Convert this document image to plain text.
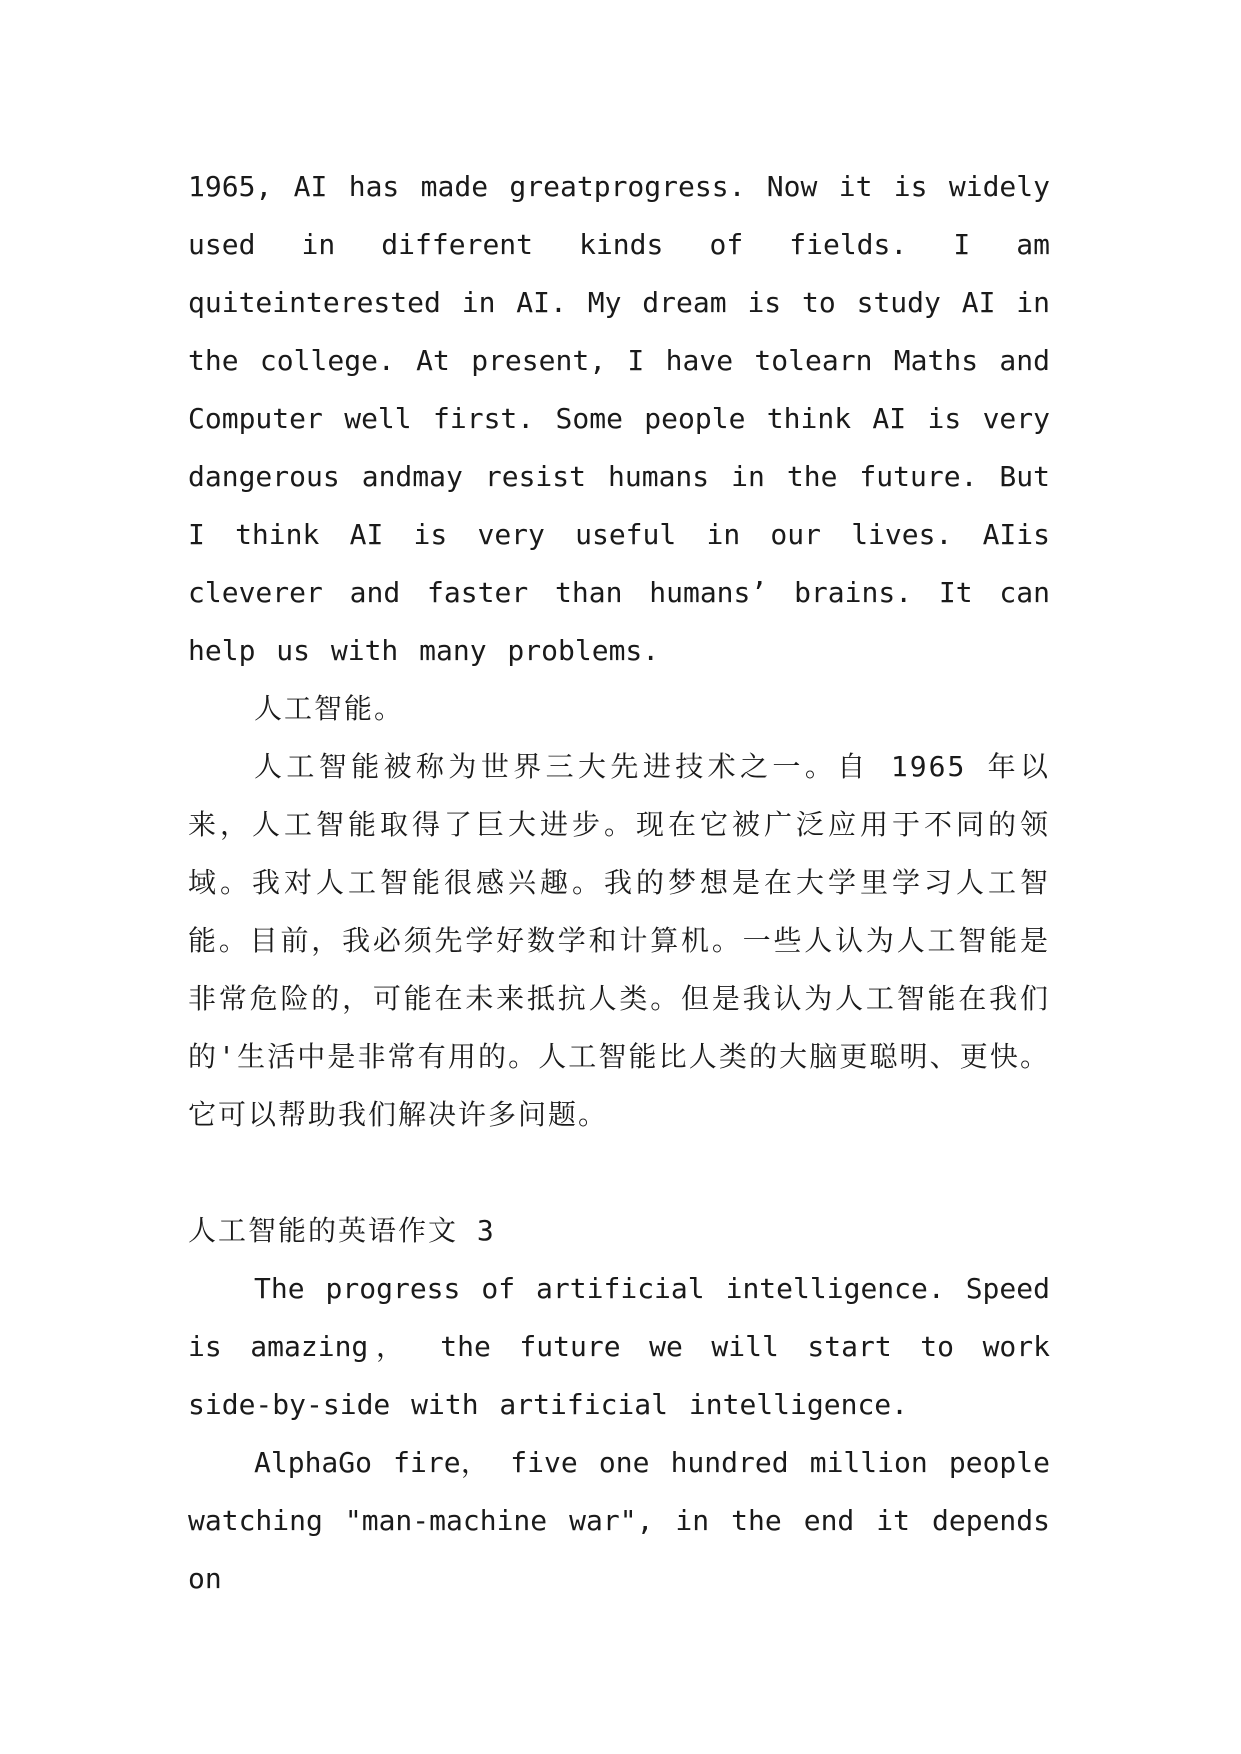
1965, AI has made greatprogress. Now it is widely used in different kinds of fields. I am quiteinterested in AI. My dream is to study AI in the college. At present, I have tolearn Maths and Computer well first. Some people think AI is very dangerous andmay resist humans in the future. But I think AI is very useful in our lives. AIis cleverer and faster than humans’ brains. It can help us with many problems.

人工智能。

人工智能被称为世界三大先进技术之一。自 1965 年以来，人工智能取得了巨大进步。现在它被广泛应用于不同的领域。我对人工智能很感兴趣。我的梦想是在大学里学习人工智能。目前，我必须先学好数学和计算机。一些人认为人工智能是非常危险的，可能在未来抵抗人类。但是我认为人工智能在我们的'生活中是非常有用的。人工智能比人类的大脑更聪明、更快。它可以帮助我们解决许多问题。

人工智能的英语作文 3

The progress of artificial intelligence. Speed is amazing， the future we will start to work side-by-side with artificial intelligence.

AlphaGo fire， five one hundred million people watching "man-machine war", in the end it depends on
